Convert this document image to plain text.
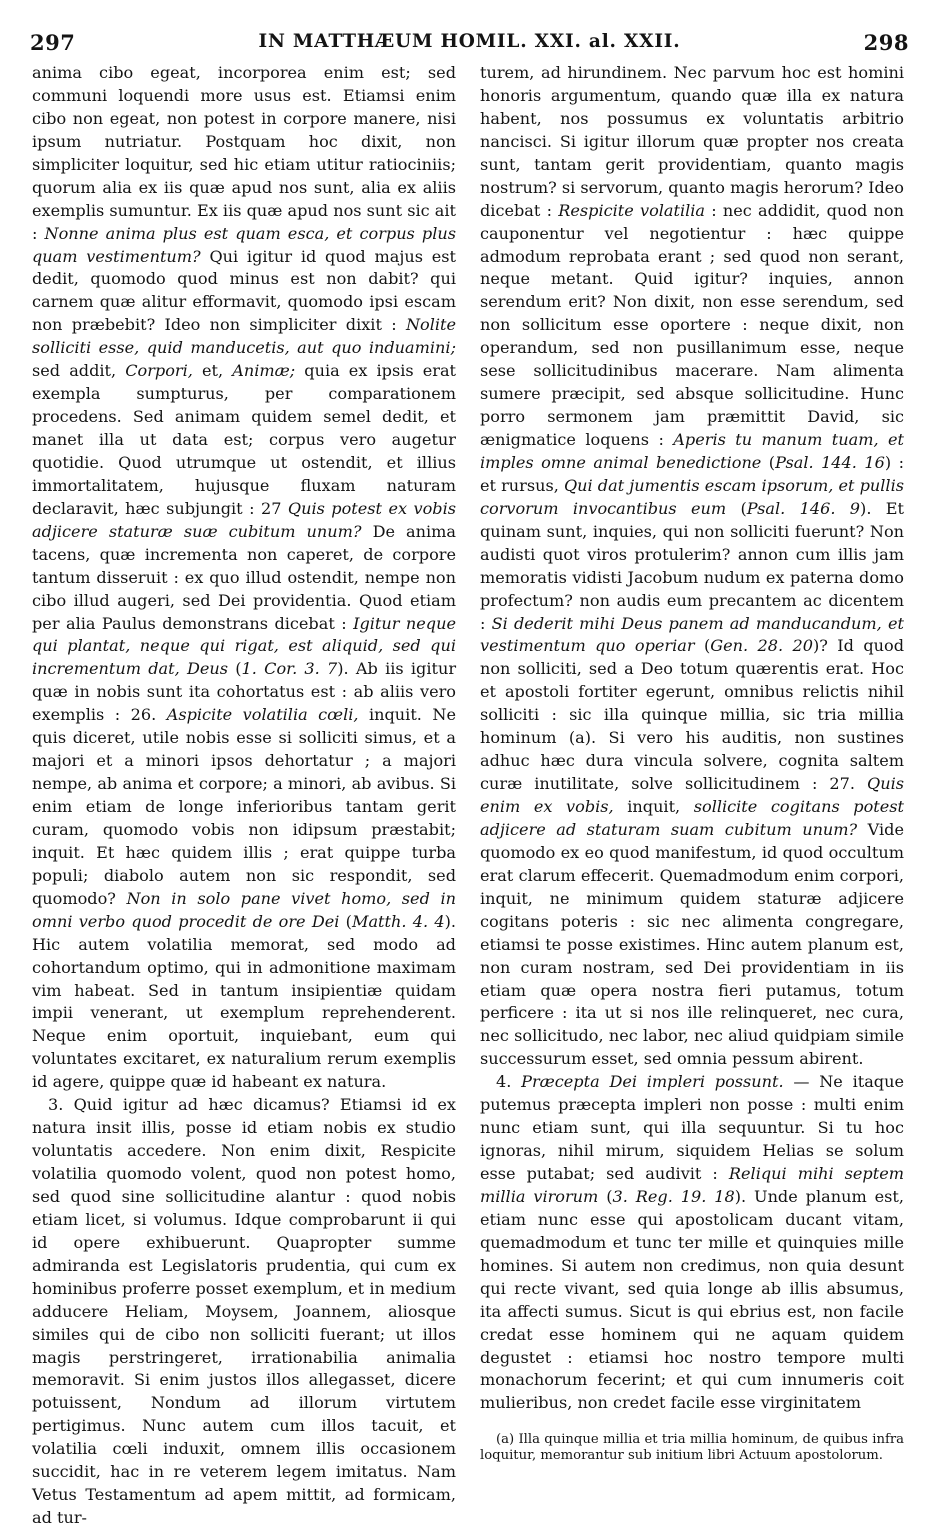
297	IN MATTHÆUM HOMIL. XXI. al. XXII.	298

anima cibo egeat, incorporea enim est; sed communi loquendi more usus est. Etiamsi enim cibo non egeat, non potest in corpore manere, nisi ipsum nutriatur. Postquam hoc dixit, non simpliciter loquitur, sed hic etiam utitur ratiociniis; quorum alia ex iis quæ apud nos sunt, alia ex aliis exemplis sumuntur. Ex iis quæ apud nos sunt sic ait : Nonne anima plus est quam esca, et corpus plus quam vestimentum? Qui igitur id quod majus est dedit, quomodo quod minus est non dabit? qui carnem quæ alitur efformavit, quomodo ipsi escam non præbebit? Ideo non simpliciter dixit : Nolite solliciti esse, quid manducetis, aut quo induamini; sed addit, Corpori, et, Animæ; quia ex ipsis erat exempla sumpturus, per comparationem procedens. Sed animam quidem semel dedit, et manet illa ut data est; corpus vero augetur quotidie. Quod utrumque ut ostendit, et illius immortalitatem, hujusque fluxam naturam declaravit, hæc subjungit : 27 Quis potest ex vobis adjicere staturæ suæ cubitum unum? De anima tacens, quæ incrementa non caperet, de corpore tantum disseruit : ex quo illud ostendit, nempe non cibo illud augeri, sed Dei providentia. Quod etiam per alia Paulus demonstrans dicebat : Igitur neque qui plantat, neque qui rigat, est aliquid, sed qui incrementum dat, Deus (1. Cor. 3. 7). Ab iis igitur quæ in nobis sunt ita cohortatus est : ab aliis vero exemplis : 26. Aspicite volatilia cœli, inquit. Ne quis diceret, utile nobis esse si solliciti simus, et a majori et a minori ipsos dehortatur ; a majori nempe, ab anima et corpore; a minori, ab avibus. Si enim etiam de longe inferioribus tantam gerit curam, quomodo vobis non idipsum præstabit; inquit. Et hæc quidem illis ; erat quippe turba populi; diabolo autem non sic respondit, sed quomodo? Non in solo pane vivet homo, sed in omni verbo quod procedit de ore Dei (Matth. 4. 4). Hic autem volatilia memorat, sed modo ad cohortandum optimo, qui in admonitione maximam vim habeat. Sed in tantum insipientiæ quidam impii venerant, ut exemplum reprehenderent. Neque enim oportuit, inquiebant, eum qui voluntates excitaret, ex naturalium rerum exemplis id agere, quippe quæ id habeant ex natura.

3. Quid igitur ad hæc dicamus? Etiamsi id ex natura insit illis, posse id etiam nobis ex studio voluntatis accedere. Non enim dixit, Respicite volatilia quomodo volent, quod non potest homo, sed quod sine sollicitudine alantur : quod nobis etiam licet, si volumus. Idque comprobarunt ii qui id opere exhibuerunt. Quapropter summe admiranda est Legislatoris prudentia, qui cum ex hominibus proferre posset exemplum, et in medium adducere Heliam, Moysem, Joannem, aliosque similes qui de cibo non solliciti fuerant; ut illos magis perstringeret, irrationabilia animalia memoravit. Si enim justos illos allegasset, dicere potuissent, Nondum ad illorum virtutem pertigimus. Nunc autem cum illos tacuit, et volatilia cœli induxit, omnem illis occasionem succidit, hac in re veterem legem imitatus. Nam Vetus Testamentum ad apem mittit, ad formicam, ad tur-

turem, ad hirundinem. Nec parvum hoc est homini honoris argumentum, quando quæ illa ex natura habent, nos possumus ex voluntatis arbitrio nancisci. Si igitur illorum quæ propter nos creata sunt, tantam gerit providentiam, quanto magis nostrum? si servorum, quanto magis herorum? Ideo dicebat : Respicite volatilia : nec addidit, quod non cauponentur vel negotientur : hæc quippe admodum reprobata erant ; sed quod non serant, neque metant. Quid igitur? inquies, annon serendum erit? Non dixit, non esse serendum, sed non sollicitum esse oportere : neque dixit, non operandum, sed non pusillanimum esse, neque sese sollicitudinibus macerare. Nam alimenta sumere præcipit, sed absque sollicitudine. Hunc porro sermonem jam præmittit David, sic ænigmatice loquens : Aperis tu manum tuam, et imples omne animal benedictione (Psal. 144. 16) : et rursus, Qui dat jumentis escam ipsorum, et pullis corvorum invocantibus eum (Psal. 146. 9). Et quinam sunt, inquies, qui non solliciti fuerunt? Non audisti quot viros protulerim? annon cum illis jam memoratis vidisti Jacobum nudum ex paterna domo profectum? non audis eum precantem ac dicentem : Si dederit mihi Deus panem ad manducandum, et vestimentum quo operiar (Gen. 28. 20)? Id quod non solliciti, sed a Deo totum quærentis erat. Hoc et apostoli fortiter egerunt, omnibus relictis nihil solliciti : sic illa quinque millia, sic tria millia hominum (a). Si vero his auditis, non sustines adhuc hæc dura vincula solvere, cognita saltem curæ inutilitate, solve sollicitudinem : 27. Quis enim ex vobis, inquit, sollicite cogitans potest adjicere ad staturam suam cubitum unum? Vide quomodo ex eo quod manifestum, id quod occultum erat clarum effecerit. Quemadmodum enim corpori, inquit, ne minimum quidem staturæ adjicere cogitans poteris : sic nec alimenta congregare, etiamsi te posse existimes. Hinc autem planum est, non curam nostram, sed Dei providentiam in iis etiam quæ opera nostra fieri putamus, totum perficere : ita ut si nos ille relinqueret, nec cura, nec sollicitudo, nec labor, nec aliud quidpiam simile successurum esset, sed omnia pessum abirent.

4. Præcepta Dei impleri possunt. — Ne itaque putemus præcepta impleri non posse : multi enim nunc etiam sunt, qui illa sequuntur. Si tu hoc ignoras, nihil mirum, siquidem Helias se solum esse putabat; sed audivit : Reliqui mihi septem millia virorum (3. Reg. 19. 18). Unde planum est, etiam nunc esse qui apostolicam ducant vitam, quemadmodum et tunc ter mille et quinquies mille homines. Si autem non credimus, non quia desunt qui recte vivant, sed quia longe ab illis absumus, ita affecti sumus. Sicut is qui ebrius est, non facile credat esse hominem qui ne aquam quidem degustet : etiamsi hoc nostro tempore multi monachorum fecerint; et qui cum innumeris coit mulieribus, non credet facile esse virginitatem

(a) Illa quinque millia et tria millia hominum, de quibus infra loquitur, memorantur sub initium libri Actuum apostolorum.
